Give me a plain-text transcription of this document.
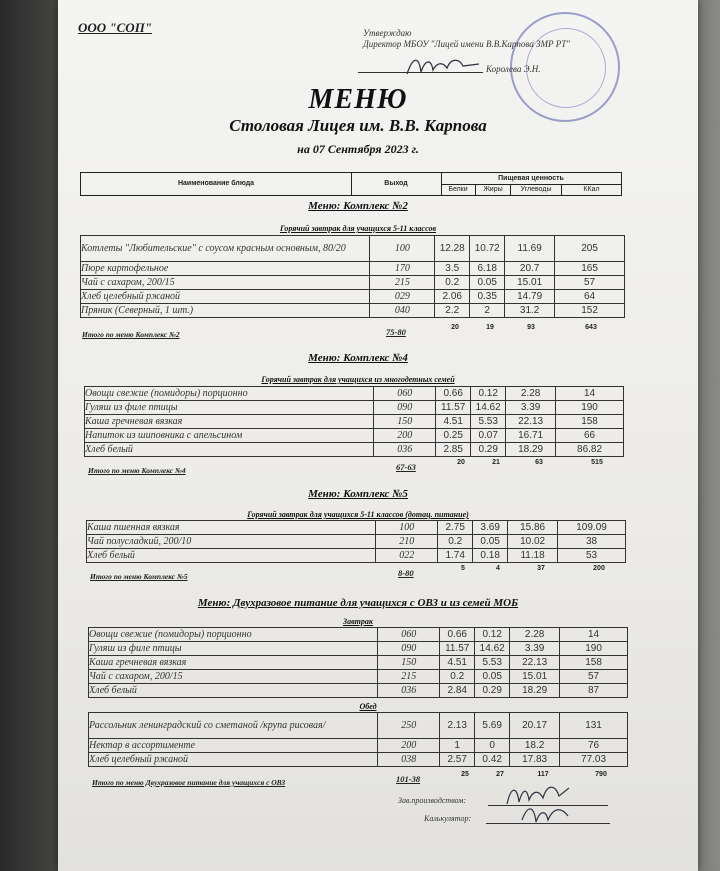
ООО "СОП"	Утверждаю
Директор МБОУ "Лицей имени В.В.Карпова ЗМР РТ"
Королева Э.Н.
МЕНЮ
Столовая Лицея им. В.В. Карпова
на 07 Сентября 2023 г.
Наименование блюда	Выход
Пищевая ценность
Белки	Жиры	Углеводы	ККал
Меню: Комплекс №2
Горячий завтрак для учащихся 5-11 классов
Котлеты "Любительские" с соусом красным основным, 80/20	100	12.28	10.72	11.69	205
Пюре картофельное	170	3.5	6.18	20.7	165
Чай с сахаром, 200/15	215	0.2	0.05	15.01	57
Хлеб целебный ржаной	029	2.06	0.35	14.79	64
Пряник (Северный, 1 шт.)	040	2.2	2	31.2	152
Итого по меню Комплекс №2	75-80	20	19	93	643
Меню: Комплекс №4
Горячий завтрак для учащихся из многодетных семей
Овощи свежие (помидоры) порционно	060	0.66	0.12	2.28	14
Гуляш из филе птицы	090	11.57	14.62	3.39	190
Каша гречневая вязкая	150	4.51	5.53	22.13	158
Напиток из шиповника с апельсином	200	0.25	0.07	16.71	66
Хлеб белый	036	2.85	0.29	18.29	86.82
Итого по меню Комплекс №4	67-63	20	21	63	515
Меню: Комплекс №5
Горячий завтрак для учащихся 5-11 классов (дотац. питание)
Каша пшенная вязкая	100	2.75	3.69	15.86	109.09
Чай полусладкий, 200/10	210	0.2	0.05	10.02	38
Хлеб белый	022	1.74	0.18	11.18	53
Итого по меню Комплекс №5	8-80	5	4	37	200
Меню: Двухразовое питание для учащихся с ОВЗ и из семей МОБ
Завтрак
Овощи свежие (помидоры) порционно	060	0.66	0.12	2.28	14
Гуляш из филе птицы	090	11.57	14.62	3.39	190
Каша гречневая вязкая	150	4.51	5.53	22.13	158
Чай с сахаром, 200/15	215	0.2	0.05	15.01	57
Хлеб белый	036	2.84	0.29	18.29	87
Обед
Рассольник ленинградский со сметаной /крупа рисовая/	250	2.13	5.69	20.17	131
Нектар в ассортименте	200	1	0	18.2	76
Хлеб целебный ржаной	038	2.57	0.42	17.83	77.03
Итого по меню Двухразовое питание для учащихся с ОВЗ	101-38	25	27	117	790
Зав.производством:
Калькулятор:
